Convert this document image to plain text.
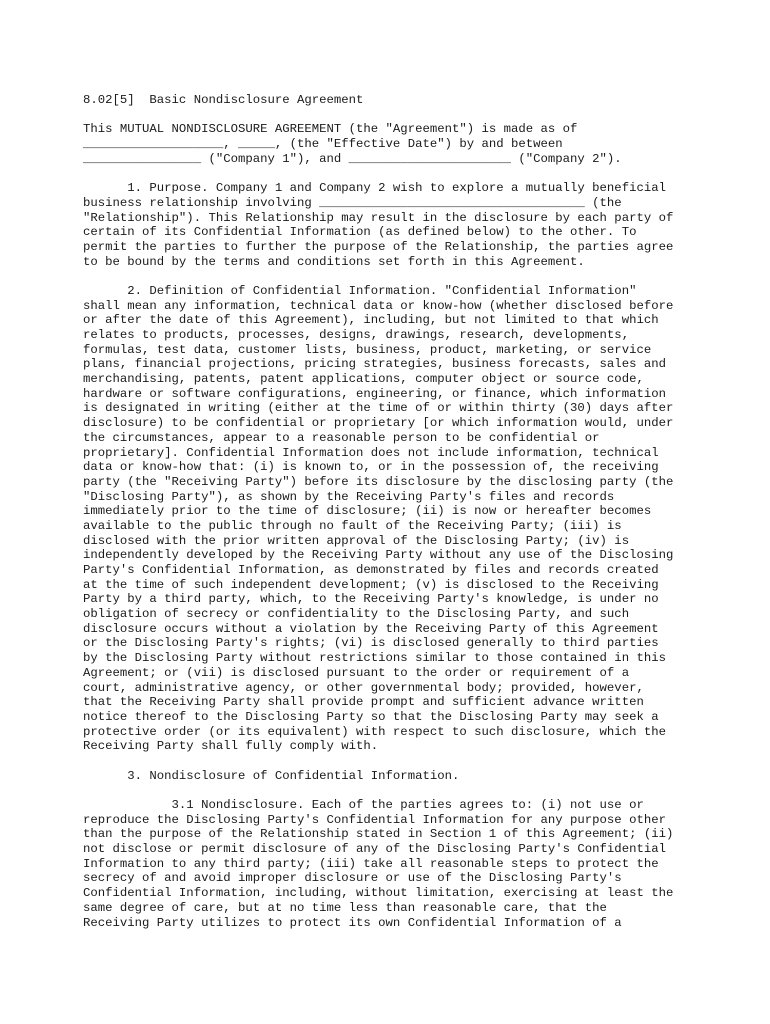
8.02[5]  Basic Nondisclosure Agreement
This MUTUAL NONDISCLOSURE AGREEMENT (the "Agreement") is made as of
___________________, _____, (the "Effective Date") by and between
________________ ("Company 1"), and ______________________ ("Company 2").
1. Purpose. Company 1 and Company 2 wish to explore a mutually beneficial
business relationship involving ____________________________________ (the
"Relationship"). This Relationship may result in the disclosure by each party of
certain of its Confidential Information (as defined below) to the other. To
permit the parties to further the purpose of the Relationship, the parties agree
to be bound by the terms and conditions set forth in this Agreement.
2. Definition of Confidential Information. "Confidential Information"
shall mean any information, technical data or know-how (whether disclosed before
or after the date of this Agreement), including, but not limited to that which
relates to products, processes, designs, drawings, research, developments,
formulas, test data, customer lists, business, product, marketing, or service
plans, financial projections, pricing strategies, business forecasts, sales and
merchandising, patents, patent applications, computer object or source code,
hardware or software configurations, engineering, or finance, which information
is designated in writing (either at the time of or within thirty (30) days after
disclosure) to be confidential or proprietary [or which information would, under
the circumstances, appear to a reasonable person to be confidential or
proprietary]. Confidential Information does not include information, technical
data or know-how that: (i) is known to, or in the possession of, the receiving
party (the "Receiving Party") before its disclosure by the disclosing party (the
"Disclosing Party"), as shown by the Receiving Party's files and records
immediately prior to the time of disclosure; (ii) is now or hereafter becomes
available to the public through no fault of the Receiving Party; (iii) is
disclosed with the prior written approval of the Disclosing Party; (iv) is
independently developed by the Receiving Party without any use of the Disclosing
Party's Confidential Information, as demonstrated by files and records created
at the time of such independent development; (v) is disclosed to the Receiving
Party by a third party, which, to the Receiving Party's knowledge, is under no
obligation of secrecy or confidentiality to the Disclosing Party, and such
disclosure occurs without a violation by the Receiving Party of this Agreement
or the Disclosing Party's rights; (vi) is disclosed generally to third parties
by the Disclosing Party without restrictions similar to those contained in this
Agreement; or (vii) is disclosed pursuant to the order or requirement of a
court, administrative agency, or other governmental body; provided, however,
that the Receiving Party shall provide prompt and sufficient advance written
notice thereof to the Disclosing Party so that the Disclosing Party may seek a
protective order (or its equivalent) with respect to such disclosure, which the
Receiving Party shall fully comply with.
3. Nondisclosure of Confidential Information.
3.1 Nondisclosure. Each of the parties agrees to: (i) not use or
reproduce the Disclosing Party's Confidential Information for any purpose other
than the purpose of the Relationship stated in Section 1 of this Agreement; (ii)
not disclose or permit disclosure of any of the Disclosing Party's Confidential
Information to any third party; (iii) take all reasonable steps to protect the
secrecy of and avoid improper disclosure or use of the Disclosing Party's
Confidential Information, including, without limitation, exercising at least the
same degree of care, but at no time less than reasonable care, that the
Receiving Party utilizes to protect its own Confidential Information of a
